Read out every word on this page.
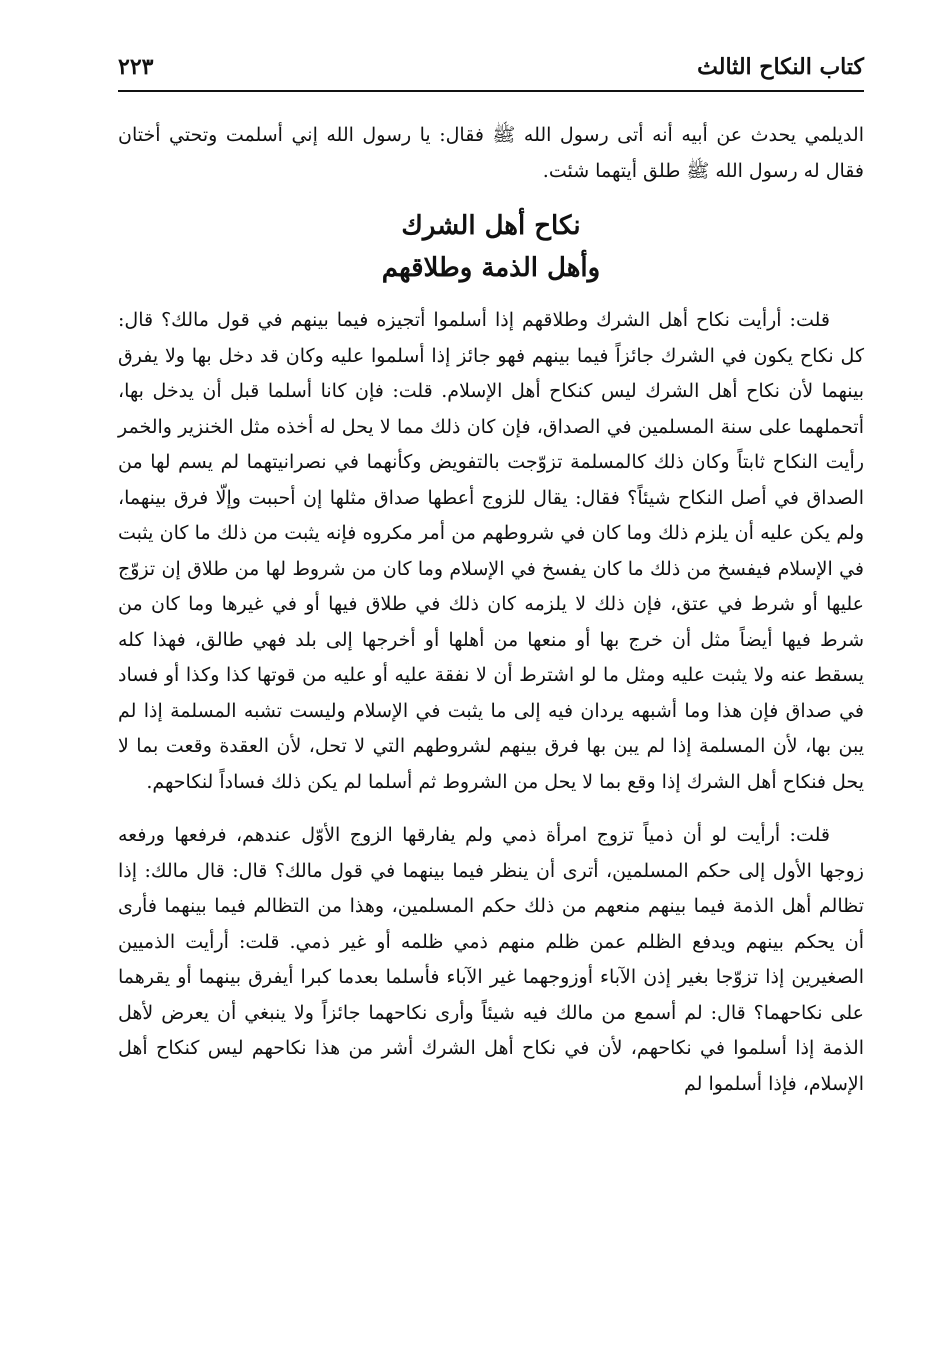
كتاب النكاح الثالث
٢٢٣

الديلمي يحدث عن أبيه أنه أتى رسول الله ﷺ فقال: يا رسول الله إني أسلمت وتحتي أختان فقال له رسول الله ﷺ طلق أيتهما شئت.

نكاح أهل الشرك
وأهل الذمة وطلاقهم

قلت: أرأيت نكاح أهل الشرك وطلاقهم إذا أسلموا أتجيزه فيما بينهم في قول مالك؟ قال: كل نكاح يكون في الشرك جائزاً فيما بينهم فهو جائز إذا أسلموا عليه وكان قد دخل بها ولا يفرق بينهما لأن نكاح أهل الشرك ليس كنكاح أهل الإسلام. قلت: فإن كانا أسلما قبل أن يدخل بها، أتحملهما على سنة المسلمين في الصداق، فإن كان ذلك مما لا يحل له أخذه مثل الخنزير والخمر رأيت النكاح ثابتاً وكان ذلك كالمسلمة تزوّجت بالتفويض وكأنهما في نصرانيتهما لم يسم لها من الصداق في أصل النكاح شيئاً؟ فقال: يقال للزوج أعطها صداق مثلها إن أحببت وإلّا فرق بينهما، ولم يكن عليه أن يلزم ذلك وما كان في شروطهم من أمر مكروه فإنه يثبت من ذلك ما كان يثبت في الإسلام فيفسخ من ذلك ما كان يفسخ في الإسلام وما كان من شروط لها من طلاق إن تزوّج عليها أو شرط في عتق، فإن ذلك لا يلزمه كان ذلك في طلاق فيها أو في غيرها وما كان من شرط فيها أيضاً مثل أن خرج بها أو منعها من أهلها أو أخرجها إلى بلد فهي طالق، فهذا كله يسقط عنه ولا يثبت عليه ومثل ما لو اشترط أن لا نفقة عليه أو عليه من قوتها كذا وكذا أو فساد في صداق فإن هذا وما أشبهه يردان فيه إلى ما يثبت في الإسلام وليست تشبه المسلمة إذا لم يبن بها، لأن المسلمة إذا لم يبن بها فرق بينهم لشروطهم التي لا تحل، لأن العقدة وقعت بما لا يحل فنكاح أهل الشرك إذا وقع بما لا يحل من الشروط ثم أسلما لم يكن ذلك فساداً لنكاحهم.

قلت: أرأيت لو أن ذمياً تزوج امرأة ذمي ولم يفارقها الزوج الأوّل عندهم، فرفعها ورفعه زوجها الأول إلى حكم المسلمين، أترى أن ينظر فيما بينهما في قول مالك؟ قال: قال مالك: إذا تظالم أهل الذمة فيما بينهم منعهم من ذلك حكم المسلمين، وهذا من التظالم فيما بينهما فأرى أن يحكم بينهم ويدفع الظلم عمن ظلم منهم ذمي ظلمه أو غير ذمي. قلت: أرأيت الذميين الصغيرين إذا تزوّجا بغير إذن الآباء أوزوجهما غير الآباء فأسلما بعدما كبرا أيفرق بينهما أو يقرهما على نكاحهما؟ قال: لم أسمع من مالك فيه شيئاً وأرى نكاحهما جائزاً ولا ينبغي أن يعرض لأهل الذمة إذا أسلموا في نكاحهم، لأن في نكاح أهل الشرك أشر من هذا نكاحهم ليس كنكاح أهل الإسلام، فإذا أسلموا لم
